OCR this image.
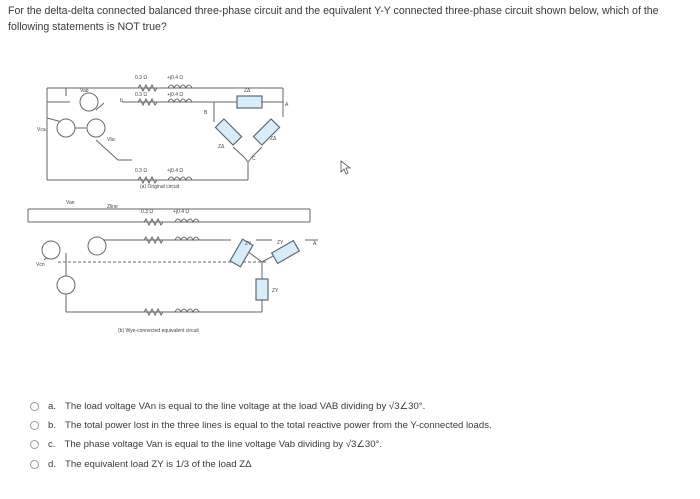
For the delta-delta connected balanced three-phase circuit and the equivalent Y-Y connected three-phase circuit shown below, which of the
following statements is NOT true?
0.3 Ω	+j0.4 Ω
0.3 Ω	+j0.4 Ω
0.3 Ω	+j0.4 Ω
(a) Original circuit
Vca
Vab
Vbc
b
B
A
C
ZΔ
ZΔ
ZΔ
0.3 Ω	+j0.4 Ω
(b) Wye-connected equivalent circuit
Van
Vcn
Zline
ZY	ZY
ZY
A
a. The load voltage VAn is equal to the line voltage at the load VAB dividing by √3∠30°.
b. The total power lost in the three lines is equal to the total reactive power from the Y-connected loads.
c. The phase voltage Van is equal to the line voltage Vab dividing by √3∠30°.
d. The equivalent load ZY is 1/3 of the load ZΔ
